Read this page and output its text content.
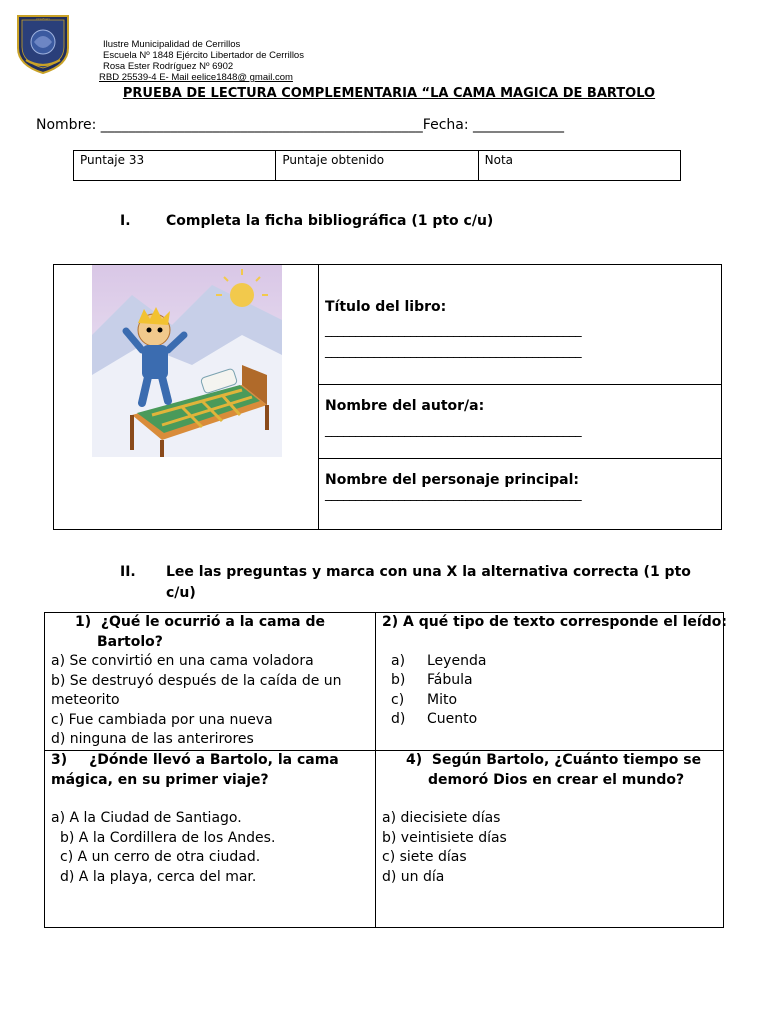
COLEGIO
Ilustre Municipalidad de Cerrillos
Escuela Nº 1848 Ejército Libertador de Cerrillos
Rosa Ester Rodríguez Nº 6902
RBD 25539-4 E- Mail eelice1848@ gmail.com
PRUEBA DE LECTURA COMPLEMENTARIA “LA CAMA MAGICA DE BARTOLO
Nombre: ______________________________________________Fecha: _____________
Puntaje 33	Puntaje obtenido	Nota
I.	Completa la ficha bibliográfica (1 pto c/u)
Título del libro:
__________________________________________
__________________________________________
Nombre del autor/a:
__________________________________________
Nombre del personaje principal:
__________________________________________
II. Lee las preguntas y marca con una X la alternativa correcta (1 pto
c/u)
1) ¿Qué le ocurrió a la cama de
Bartolo?
a) Se convirtió en una cama voladora
b) Se destruyó después de la caída de un
meteorito
c) Fue cambiada por una nueva
d) ninguna de las anterirores
2) A qué tipo de texto corresponde el leído:
a)	Leyenda
b)	Fábula
c)	Mito
d)	Cuento
3) ¿Dónde llevó a Bartolo, la cama
mágica, en su primer viaje?
a) A la Ciudad de Santiago.
b) A la Cordillera de los Andes.
c) A un cerro de otra ciudad.
d) A la playa, cerca del mar.
4) Según Bartolo, ¿Cuánto tiempo se
demoró Dios en crear el mundo?
a) diecisiete días
b) veintisiete días
c) siete días
d) un día
